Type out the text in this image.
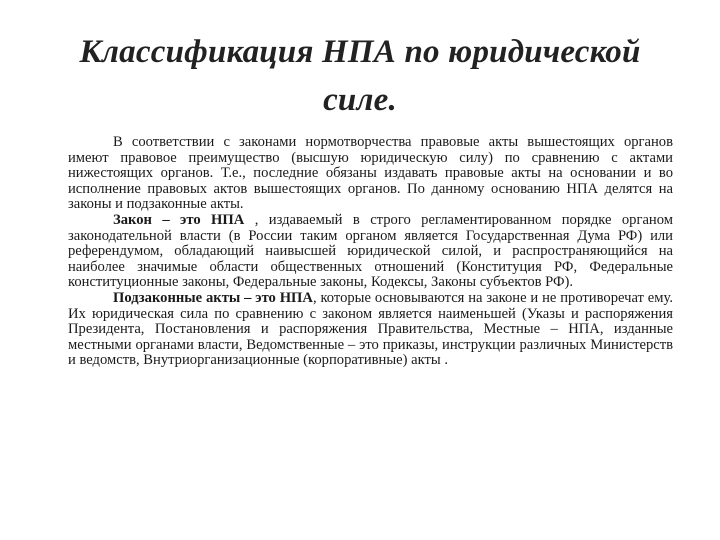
Классификация НПА по юридической
силе.

В соответствии с законами нормотворчества правовые акты вышестоящих органов имеют правовое преимущество (высшую юридическую силу) по сравнению с актами нижестоящих органов. Т.е., последние обязаны издавать правовые акты на основании и во исполнение правовых актов вышестоящих органов. По данному основанию НПА делятся на законы и подзаконные акты.

Закон – это НПА , издаваемый в строго регламентированном порядке органом законодательной власти (в России таким органом является Государственная Дума РФ) или референдумом, обладающий наивысшей юридической силой, и распространяющийся на наиболее значимые области общественных отношений (Конституция РФ, Федеральные конституционные законы, Федеральные законы, Кодексы, Законы субъектов РФ).

Подзаконные акты – это НПА, которые основываются на законе и не противоречат ему. Их юридическая сила по сравнению с законом является наименьшей (Указы и распоряжения Президента, Постановления и распоряжения Правительства, Местные – НПА, изданные местными органами власти, Ведомственные – это приказы, инструкции различных Министерств и ведомств, Внутриорганизационные (корпоративные) акты .
